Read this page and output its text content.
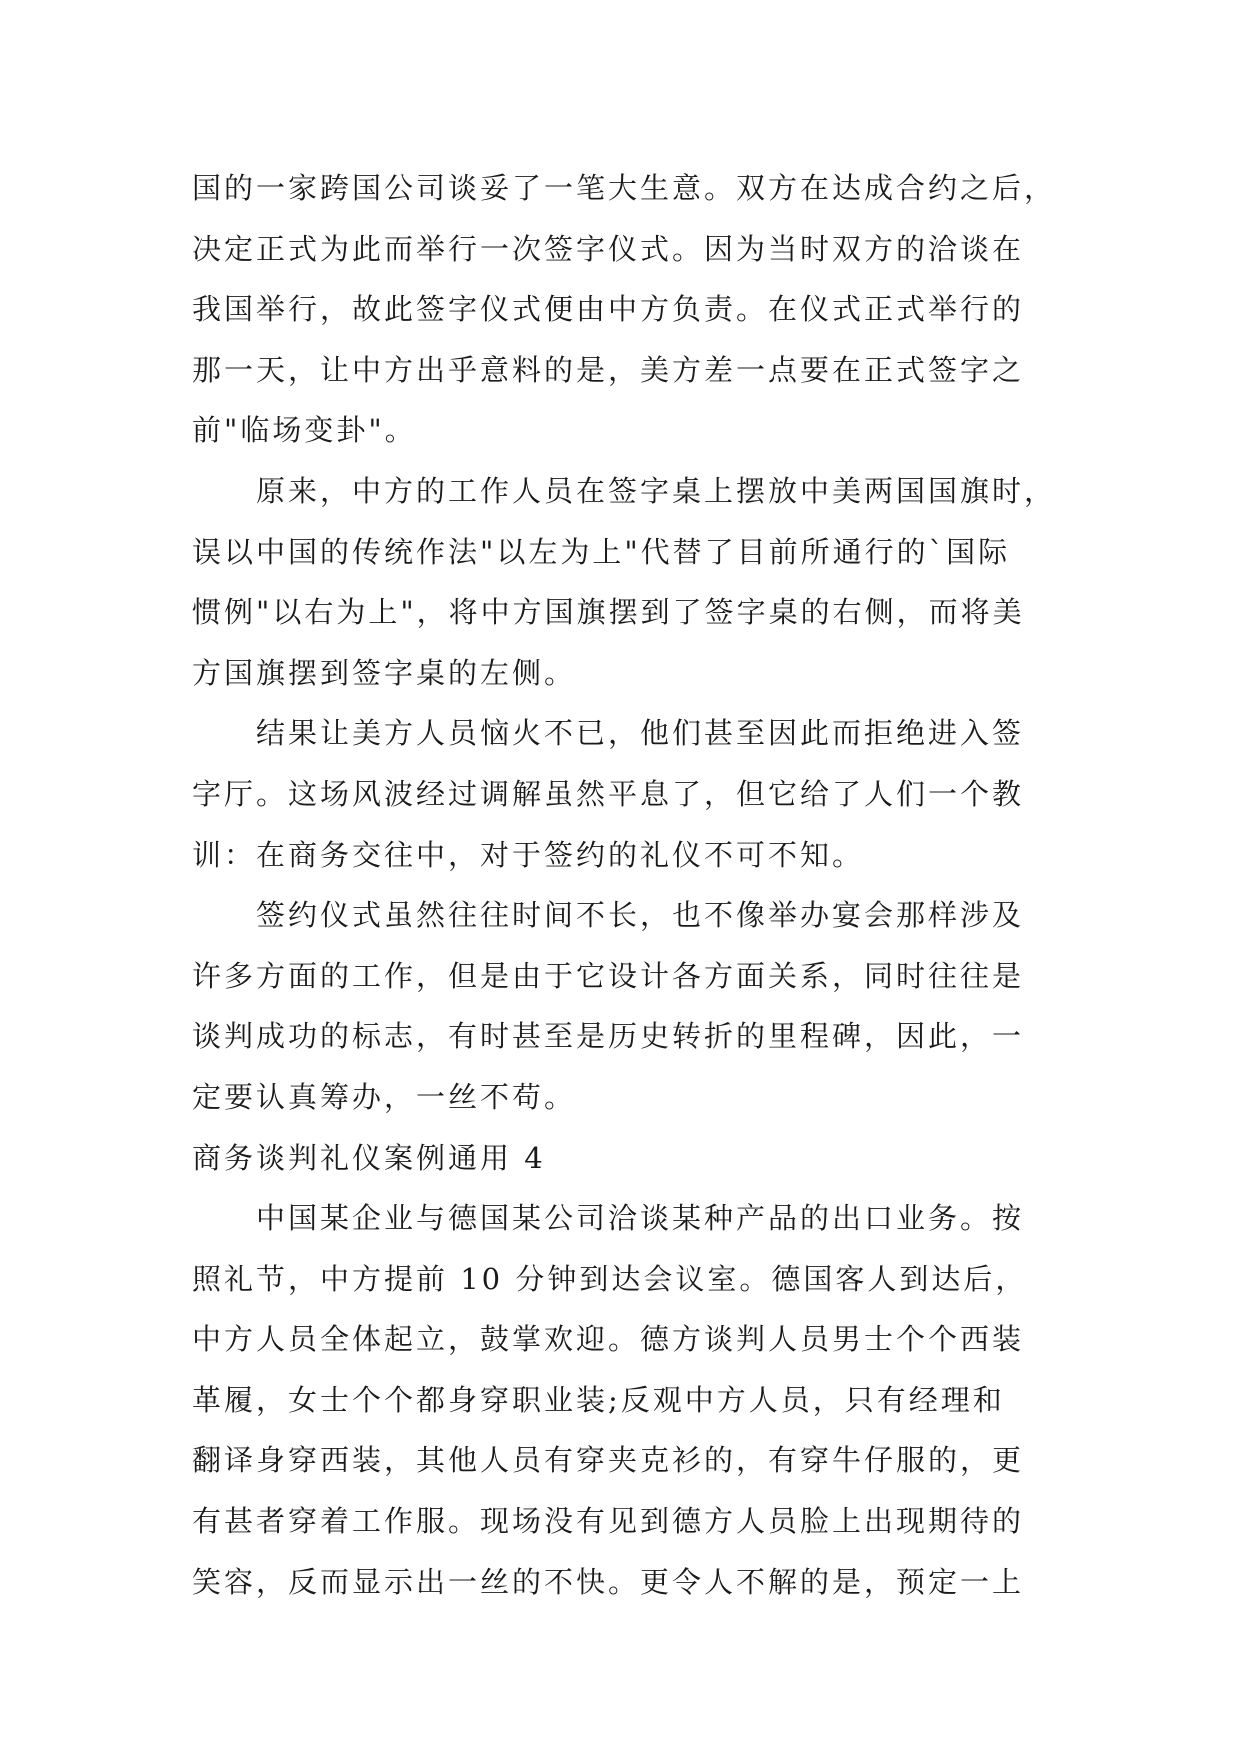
国的一家跨国公司谈妥了一笔大生意。双方在达成合约之后，
决定正式为此而举行一次签字仪式。因为当时双方的洽谈在
我国举行，故此签字仪式便由中方负责。在仪式正式举行的
那一天，让中方出乎意料的是，美方差一点要在正式签字之
前"临场变卦"。
原来，中方的工作人员在签字桌上摆放中美两国国旗时，
误以中国的传统作法"以左为上"代替了目前所通行的`国际
惯例"以右为上"，将中方国旗摆到了签字桌的右侧，而将美
方国旗摆到签字桌的左侧。
结果让美方人员恼火不已，他们甚至因此而拒绝进入签
字厅。这场风波经过调解虽然平息了，但它给了人们一个教
训：在商务交往中，对于签约的礼仪不可不知。
签约仪式虽然往往时间不长，也不像举办宴会那样涉及
许多方面的工作，但是由于它设计各方面关系，同时往往是
谈判成功的标志，有时甚至是历史转折的里程碑，因此，一
定要认真筹办，一丝不苟。
商务谈判礼仪案例通用 4
中国某企业与德国某公司洽谈某种产品的出口业务。按
照礼节，中方提前 10 分钟到达会议室。德国客人到达后，
中方人员全体起立，鼓掌欢迎。德方谈判人员男士个个西装
革履，女士个个都身穿职业装;反观中方人员，只有经理和
翻译身穿西装，其他人员有穿夹克衫的，有穿牛仔服的，更
有甚者穿着工作服。现场没有见到德方人员脸上出现期待的
笑容，反而显示出一丝的不快。更令人不解的是，预定一上
